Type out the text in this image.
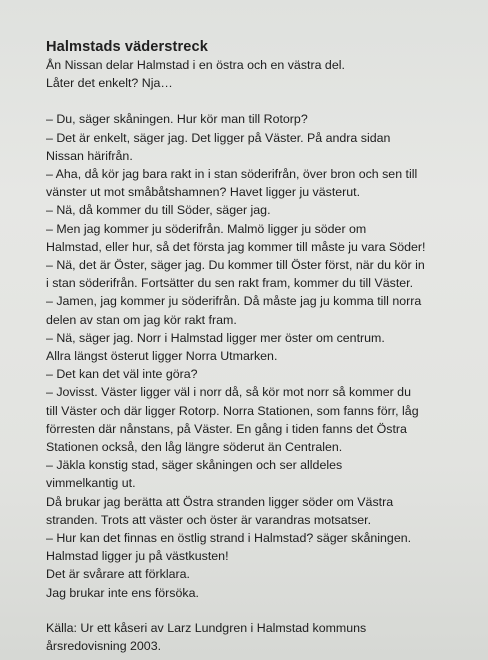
Halmstads väderstreck
Ån Nissan delar Halmstad i en östra och en västra del.
Låter det enkelt? Nja…
– Du, säger skåningen. Hur kör man till Rotorp?
– Det är enkelt, säger jag. Det ligger på Väster. På andra sidan
Nissan härifrån.
– Aha, då kör jag bara rakt in i stan söderifrån, över bron och sen till
vänster ut mot småbåtshamnen? Havet ligger ju västerut.
– Nä, då kommer du till Söder, säger jag.
– Men jag kommer ju söderifrån. Malmö ligger ju söder om
Halmstad, eller hur, så det första jag kommer till måste ju vara Söder!
– Nä, det är Öster, säger jag. Du kommer till Öster först, när du kör in
i stan söderifrån. Fortsätter du sen rakt fram, kommer du till Väster.
– Jamen, jag kommer ju söderifrån. Då måste jag ju komma till norra
delen av stan om jag kör rakt fram.
– Nä, säger jag. Norr i Halmstad ligger mer öster om centrum.
Allra längst österut ligger Norra Utmarken.
– Det kan det väl inte göra?
– Jovisst. Väster ligger väl i norr då, så kör mot norr så kommer du
till Väster och där ligger Rotorp. Norra Stationen, som fanns förr, låg
förresten där nånstans, på Väster. En gång i tiden fanns det Östra
Stationen också, den låg längre söderut än Centralen.
– Jäkla konstig stad, säger skåningen och ser alldeles
vimmelkantig ut.
Då brukar jag berätta att Östra stranden ligger söder om Västra
stranden. Trots att väster och öster är varandras motsatser.
– Hur kan det finnas en östlig strand i Halmstad? säger skåningen.
Halmstad ligger ju på västkusten!
Det är svårare att förklara.
Jag brukar inte ens försöka.
Källa: Ur ett kåseri av Larz Lundgren i Halmstad kommuns
årsredovisning 2003.
